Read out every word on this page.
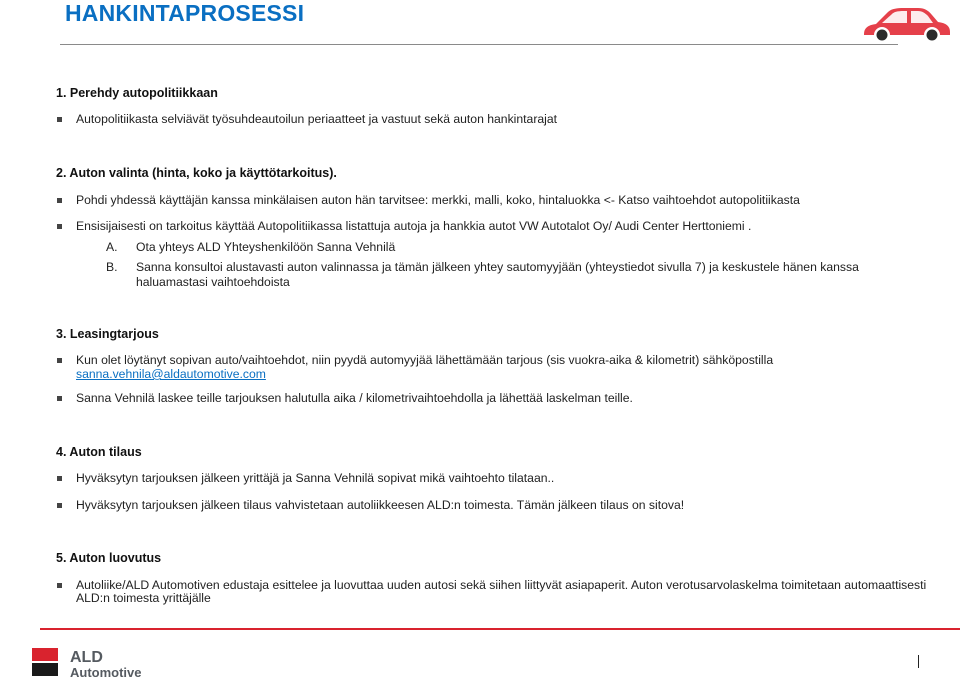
HANKINTAPROSESSI
1. Perehdy autopolitiikkaan
Autopolitiikasta selviävät työsuhdeautoilun periaatteet ja vastuut sekä auton hankintarajat
2. Auton valinta (hinta, koko ja käyttötarkoitus).
Pohdi yhdessä käyttäjän kanssa minkälaisen auton hän tarvitsee: merkki, malli, koko, hintaluokka <- Katso vaihtoehdot autopolitiikasta
Ensisijaisesti on tarkoitus käyttää Autopolitiikassa listattuja autoja ja hankkia autot VW Autotalot Oy/ Audi Center Herttoniemi .
A. Ota yhteys ALD Yhteyshenkilöön Sanna Vehnilä
B. Sanna konsultoi alustavasti auton valinnassa ja tämän jälkeen yhtey sautomyyjään (yhteystiedot sivulla 7) ja keskustele hänen kanssa
haluamastasi vaihtoehdoista
3. Leasingtarjous
Kun olet löytänyt sopivan auto/vaihtoehdot, niin pyydä automyyjää lähettämään tarjous (sis vuokra-aika & kilometrit) sähköpostilla
sanna.vehnila@aldautomotive.com
Sanna Vehnilä laskee teille tarjouksen halutulla aika / kilometrivaihtoehdolla ja lähettää laskelman teille.
4. Auton tilaus
Hyväksytyn tarjouksen jälkeen yrittäjä ja Sanna Vehnilä sopivat mikä vaihtoehto tilataan..
Hyväksytyn tarjouksen jälkeen tilaus vahvistetaan autoliikkeesen ALD:n toimesta. Tämän jälkeen tilaus on sitova!
5. Auton luovutus
Autoliike/ALD Automotiven edustaja esittelee ja luovuttaa uuden autosi sekä siihen liittyvät asiapaperit. Auton verotusarvolaskelma toimitetaan automaattisesti
ALD:n toimesta yrittäjälle
ALD
Automotive
